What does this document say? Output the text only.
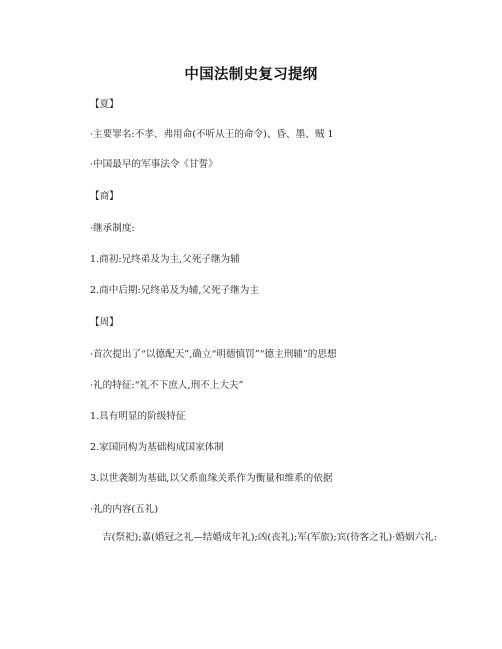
中国法制史复习提纲
【夏】
·主要罪名:不孝、弗用命(不听从王的命令)、昏、墨、贼 1
·中国最早的军事法令《甘誓》
【商】
·继承制度:
1.商初:兄终弟及为主,父死子继为辅
2.商中后期:兄终弟及为辅,父死子继为主
【周】
·首次提出了“以德配天”,确立“明德慎罚”“德主刑辅”的思想
·礼的特征:“礼不下庶人,刑不上大夫”
1.具有明显的阶级特征
2.家国同构为基础构成国家体制
3.以世袭制为基础,以父系血缘关系作为衡量和维系的依据
·礼的内容(五礼)
吉(祭祀);嘉(婚冠之礼—结婚成年礼);凶(丧礼);军(军旅);宾(待客之礼)·婚姻六礼:
